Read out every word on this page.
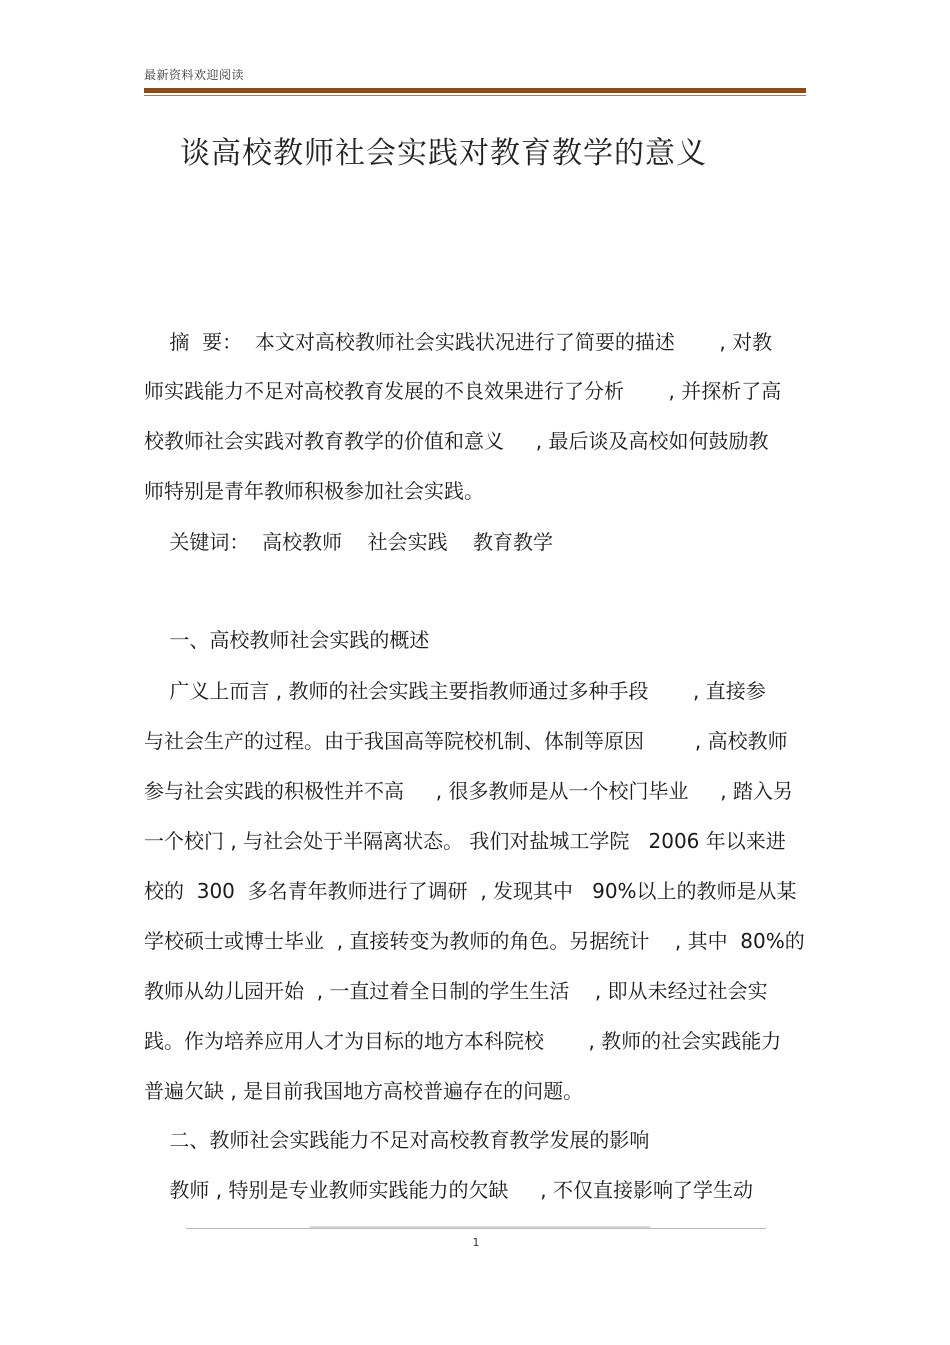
最新资料欢迎阅读
谈高校教师社会实践对教育教学的意义
摘  要：  本文对高校教师社会实践状况进行了简要的描述       , 对教
师实践能力不足对高校教育发展的不良效果进行了分析       , 并探析了高
校教师社会实践对教育教学的价值和意义     , 最后谈及高校如何鼓励教
师特别是青年教师积极参加社会实践。
关键词：  高校教师    社会实践    教育教学
一、高校教师社会实践的概述
广义上而言 , 教师的社会实践主要指教师通过多种手段       , 直接参
与社会生产的过程。由于我国高等院校机制、体制等原因        , 高校教师
参与社会实践的积极性并不高     , 很多教师是从一个校门毕业     , 踏入另
一个校门 , 与社会处于半隔离状态。 我们对盐城工学院   2006 年以来进
校的  300  多名青年教师进行了调研  , 发现其中   90%以上的教师是从某
学校硕士或博士毕业  , 直接转变为教师的角色。另据统计    , 其中  80%的
教师从幼儿园开始  , 一直过着全日制的学生生活    , 即从未经过社会实
践。作为培养应用人才为目标的地方本科院校       , 教师的社会实践能力
普遍欠缺 , 是目前我国地方高校普遍存在的问题。
二、教师社会实践能力不足对高校教育教学发展的影响
教师 , 特别是专业教师实践能力的欠缺     , 不仅直接影响了学生动
1
